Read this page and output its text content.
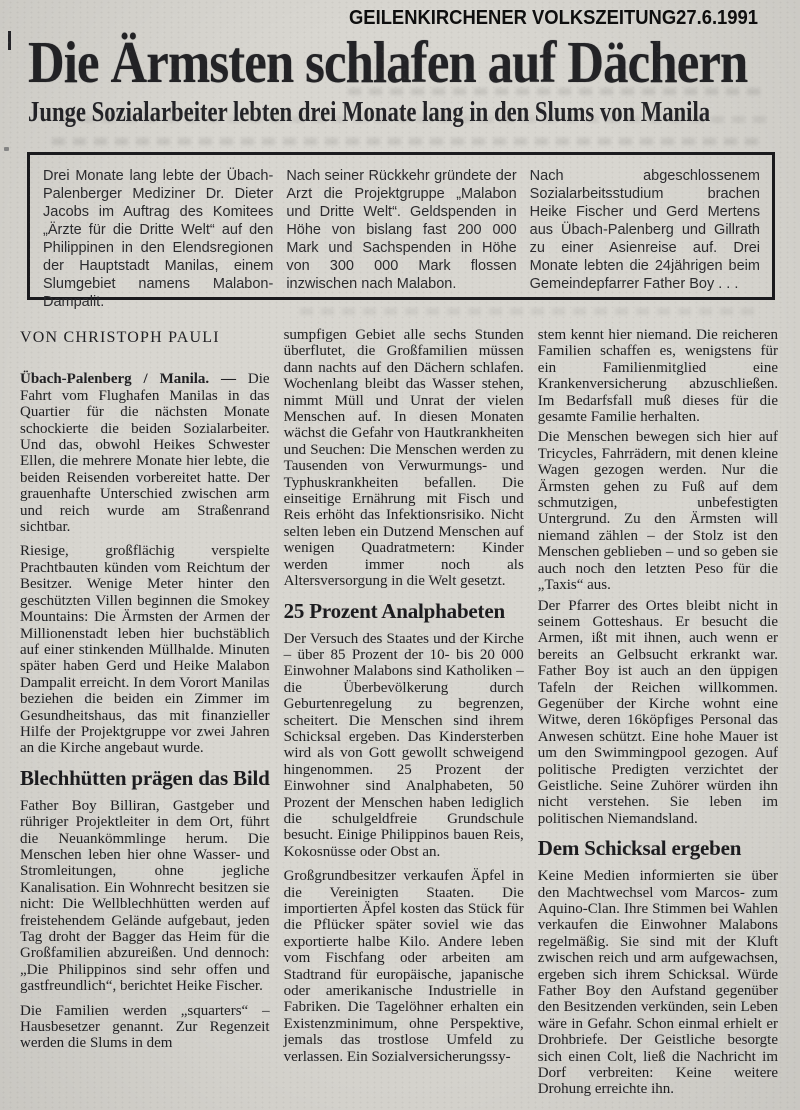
GEILENKIRCHENER VOLKSZEITUNG27.6.1991
Die Ärmsten schlafen auf Dächern
Junge Sozialarbeiter lebten drei Monate lang in den Slums von Manila

Drei Monate lang lebte der Übach-Palenberger Mediziner Dr. Dieter Jacobs im Auftrag des Komitees „Ärzte für die Dritte Welt“ auf den Philippinen in den Elendsregionen der Hauptstadt Manilas, einem Slumgebiet namens Malabon-Dampalit.

Nach seiner Rückkehr gründete der Arzt die Projektgruppe „Malabon und Dritte Welt“. Geldspenden in Höhe von bislang fast 200 000 Mark und Sachspenden in Höhe von 300 000 Mark flossen inzwischen nach Malabon.

Nach abgeschlossenem Sozialarbeitsstudium brachen Heike Fischer und Gerd Mertens aus Übach-Palenberg und Gillrath zu einer Asienreise auf. Drei Monate lebten die 24jährigen beim Gemeindepfarrer Father Boy . . .

VON CHRISTOPH PAULI

Übach-Palenberg / Manila. — Die Fahrt vom Flughafen Manilas in das Quartier für die nächsten Monate schockierte die beiden Sozialarbeiter. Und das, obwohl Heikes Schwester Ellen, die mehrere Monate hier lebte, die beiden Reisenden vorbereitet hatte. Der grauenhafte Unterschied zwischen arm und reich wurde am Straßenrand sichtbar.

Riesige, großflächig verspielte Prachtbauten künden vom Reichtum der Besitzer. Wenige Meter hinter den geschützten Villen beginnen die Smokey Mountains: Die Ärmsten der Armen der Millionenstadt leben hier buchstäblich auf einer stinkenden Müllhalde. Minuten später haben Gerd und Heike Malabon Dampalit erreicht. In dem Vorort Manilas beziehen die beiden ein Zimmer im Gesundheitshaus, das mit finanzieller Hilfe der Projektgruppe vor zwei Jahren an die Kirche angebaut wurde.

Blechhütten prägen das Bild

Father Boy Billiran, Gastgeber und rühriger Projektleiter in dem Ort, führt die Neuankömmlinge herum. Die Menschen leben hier ohne Wasser- und Stromleitungen, ohne jegliche Kanalisation. Ein Wohnrecht besitzen sie nicht: Die Wellblechhütten werden auf freistehendem Gelände aufgebaut, jeden Tag droht der Bagger das Heim für die Großfamilien abzureißen. Und dennoch: „Die Philippinos sind sehr offen und gastfreundlich“, berichtet Heike Fischer.

Die Familien werden „squarters“ – Hausbesetzer genannt. Zur Regenzeit werden die Slums in dem

sumpfigen Gebiet alle sechs Stunden überflutet, die Großfamilien müssen dann nachts auf den Dächern schlafen. Wochenlang bleibt das Wasser stehen, nimmt Müll und Unrat der vielen Menschen auf. In diesen Monaten wächst die Gefahr von Hautkrankheiten und Seuchen: Die Menschen werden zu Tausenden von Verwurmungs- und Typhuskrankheiten befallen. Die einseitige Ernährung mit Fisch und Reis erhöht das Infektionsrisiko. Nicht selten leben ein Dutzend Menschen auf wenigen Quadratmetern: Kinder werden immer noch als Altersversorgung in die Welt gesetzt.

25 Prozent Analphabeten

Der Versuch des Staates und der Kirche – über 85 Prozent der 10- bis 20 000 Einwohner Malabons sind Katholiken – die Überbevölkerung durch Geburtenregelung zu begrenzen, scheitert. Die Menschen sind ihrem Schicksal ergeben. Das Kindersterben wird als von Gott gewollt schweigend hingenommen. 25 Prozent der Einwohner sind Analphabeten, 50 Prozent der Menschen haben lediglich die schulgeldfreie Grundschule besucht. Einige Philippinos bauen Reis, Kokosnüsse oder Obst an.

Großgrundbesitzer verkaufen Äpfel in die Vereinigten Staaten. Die importierten Äpfel kosten das Stück für die Pflücker später soviel wie das exportierte halbe Kilo. Andere leben vom Fischfang oder arbeiten am Stadtrand für europäische, japanische oder amerikanische Industrielle in Fabriken. Die Tagelöhner erhalten ein Existenzminimum, ohne Perspektive, jemals das trostlose Umfeld zu verlassen. Ein Sozialversicherungssy-

stem kennt hier niemand. Die reicheren Familien schaffen es, wenigstens für ein Familienmitglied eine Krankenversicherung abzuschließen. Im Bedarfsfall muß dieses für die gesamte Familie herhalten.

Die Menschen bewegen sich hier auf Tricycles, Fahrrädern, mit denen kleine Wagen gezogen werden. Nur die Ärmsten gehen zu Fuß auf dem schmutzigen, unbefestigten Untergrund. Zu den Ärmsten will niemand zählen – der Stolz ist den Menschen geblieben – und so geben sie auch noch den letzten Peso für die „Taxis“ aus.

Der Pfarrer des Ortes bleibt nicht in seinem Gotteshaus. Er besucht die Armen, ißt mit ihnen, auch wenn er bereits an Gelbsucht erkrankt war. Father Boy ist auch an den üppigen Tafeln der Reichen willkommen. Gegenüber der Kirche wohnt eine Witwe, deren 16köpfiges Personal das Anwesen schützt. Eine hohe Mauer ist um den Swimmingpool gezogen. Auf politische Predigten verzichtet der Geistliche. Seine Zuhörer würden ihn nicht verstehen. Sie leben im politischen Niemandsland.

Dem Schicksal ergeben

Keine Medien informierten sie über den Machtwechsel vom Marcos- zum Aquino-Clan. Ihre Stimmen bei Wahlen verkaufen die Einwohner Malabons regelmäßig. Sie sind mit der Kluft zwischen reich und arm aufgewachsen, ergeben sich ihrem Schicksal. Würde Father Boy den Aufstand gegenüber den Besitzenden verkünden, sein Leben wäre in Gefahr. Schon einmal erhielt er Drohbriefe. Der Geistliche besorgte sich einen Colt, ließ die Nachricht im Dorf verbreiten: Keine weitere Drohung erreichte ihn.
